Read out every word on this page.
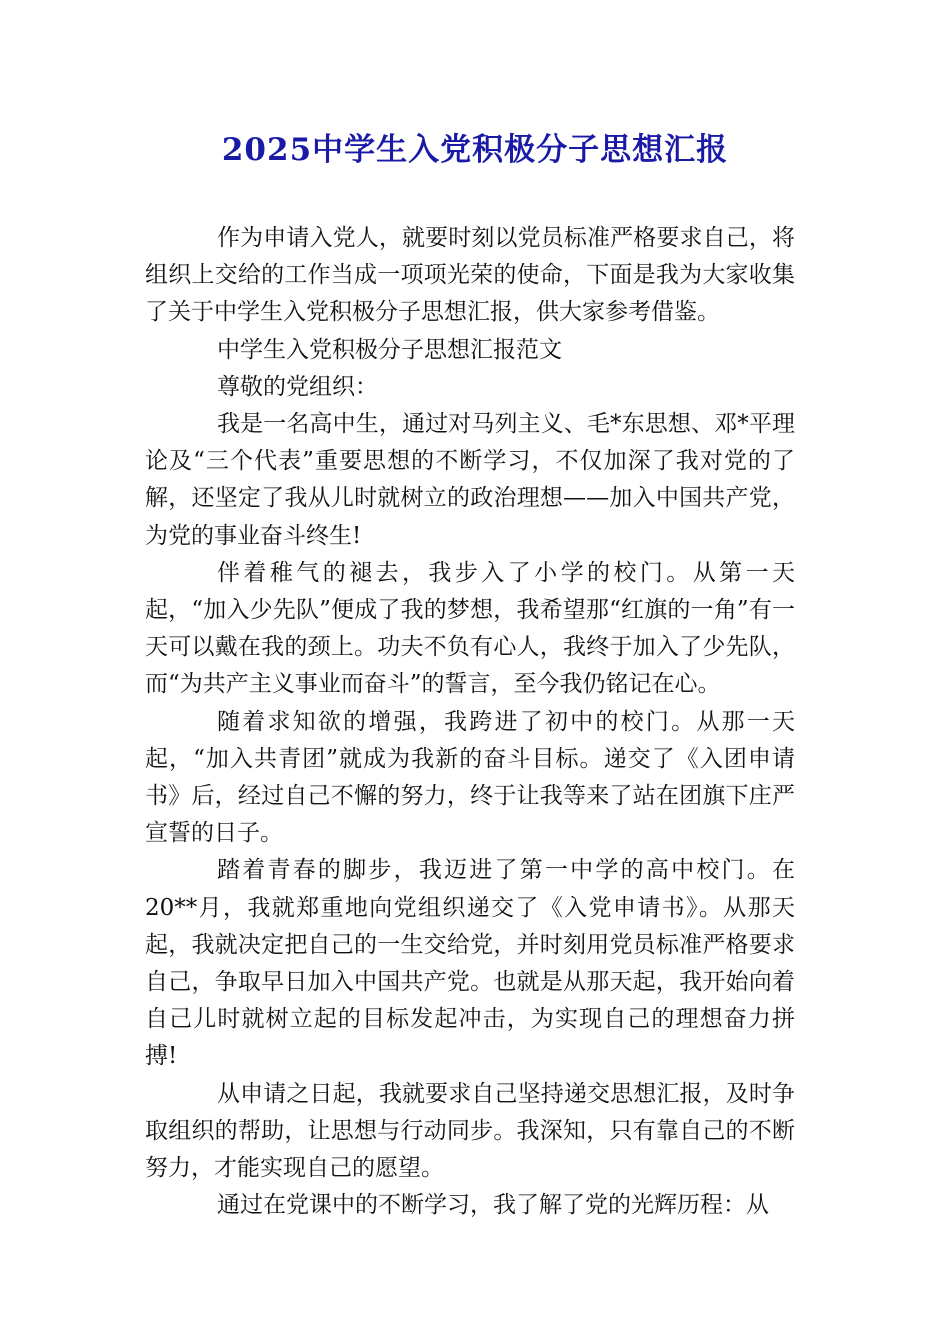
2025中学生入党积极分子思想汇报

作为申请入党人，就要时刻以党员标准严格要求自己，将组织上交给的工作当成一项项光荣的使命，下面是我为大家收集了关于中学生入党积极分子思想汇报，供大家参考借鉴。

中学生入党积极分子思想汇报范文

尊敬的党组织：

我是一名高中生，通过对马列主义、毛*东思想、邓*平理论及“三个代表”重要思想的不断学习，不仅加深了我对党的了解，还坚定了我从儿时就树立的政治理想——加入中国共产党，为党的事业奋斗终生!

伴着稚气的褪去，我步入了小学的校门。从第一天起，“加入少先队”便成了我的梦想，我希望那“红旗的一角”有一天可以戴在我的颈上。功夫不负有心人，我终于加入了少先队，而“为共产主义事业而奋斗”的誓言，至今我仍铭记在心。

随着求知欲的增强，我跨进了初中的校门。从那一天起，“加入共青团”就成为我新的奋斗目标。递交了《入团申请书》后，经过自己不懈的努力，终于让我等来了站在团旗下庄严宣誓的日子。

踏着青春的脚步，我迈进了第一中学的高中校门。在20**月，我就郑重地向党组织递交了《入党申请书》。从那天起，我就决定把自己的一生交给党，并时刻用党员标准严格要求自己，争取早日加入中国共产党。也就是从那天起，我开始向着自己儿时就树立起的目标发起冲击，为实现自己的理想奋力拼搏!

从申请之日起，我就要求自己坚持递交思想汇报，及时争取组织的帮助，让思想与行动同步。我深知，只有靠自己的不断努力，才能实现自己的愿望。

通过在党课中的不断学习，我了解了党的光辉历程：从
